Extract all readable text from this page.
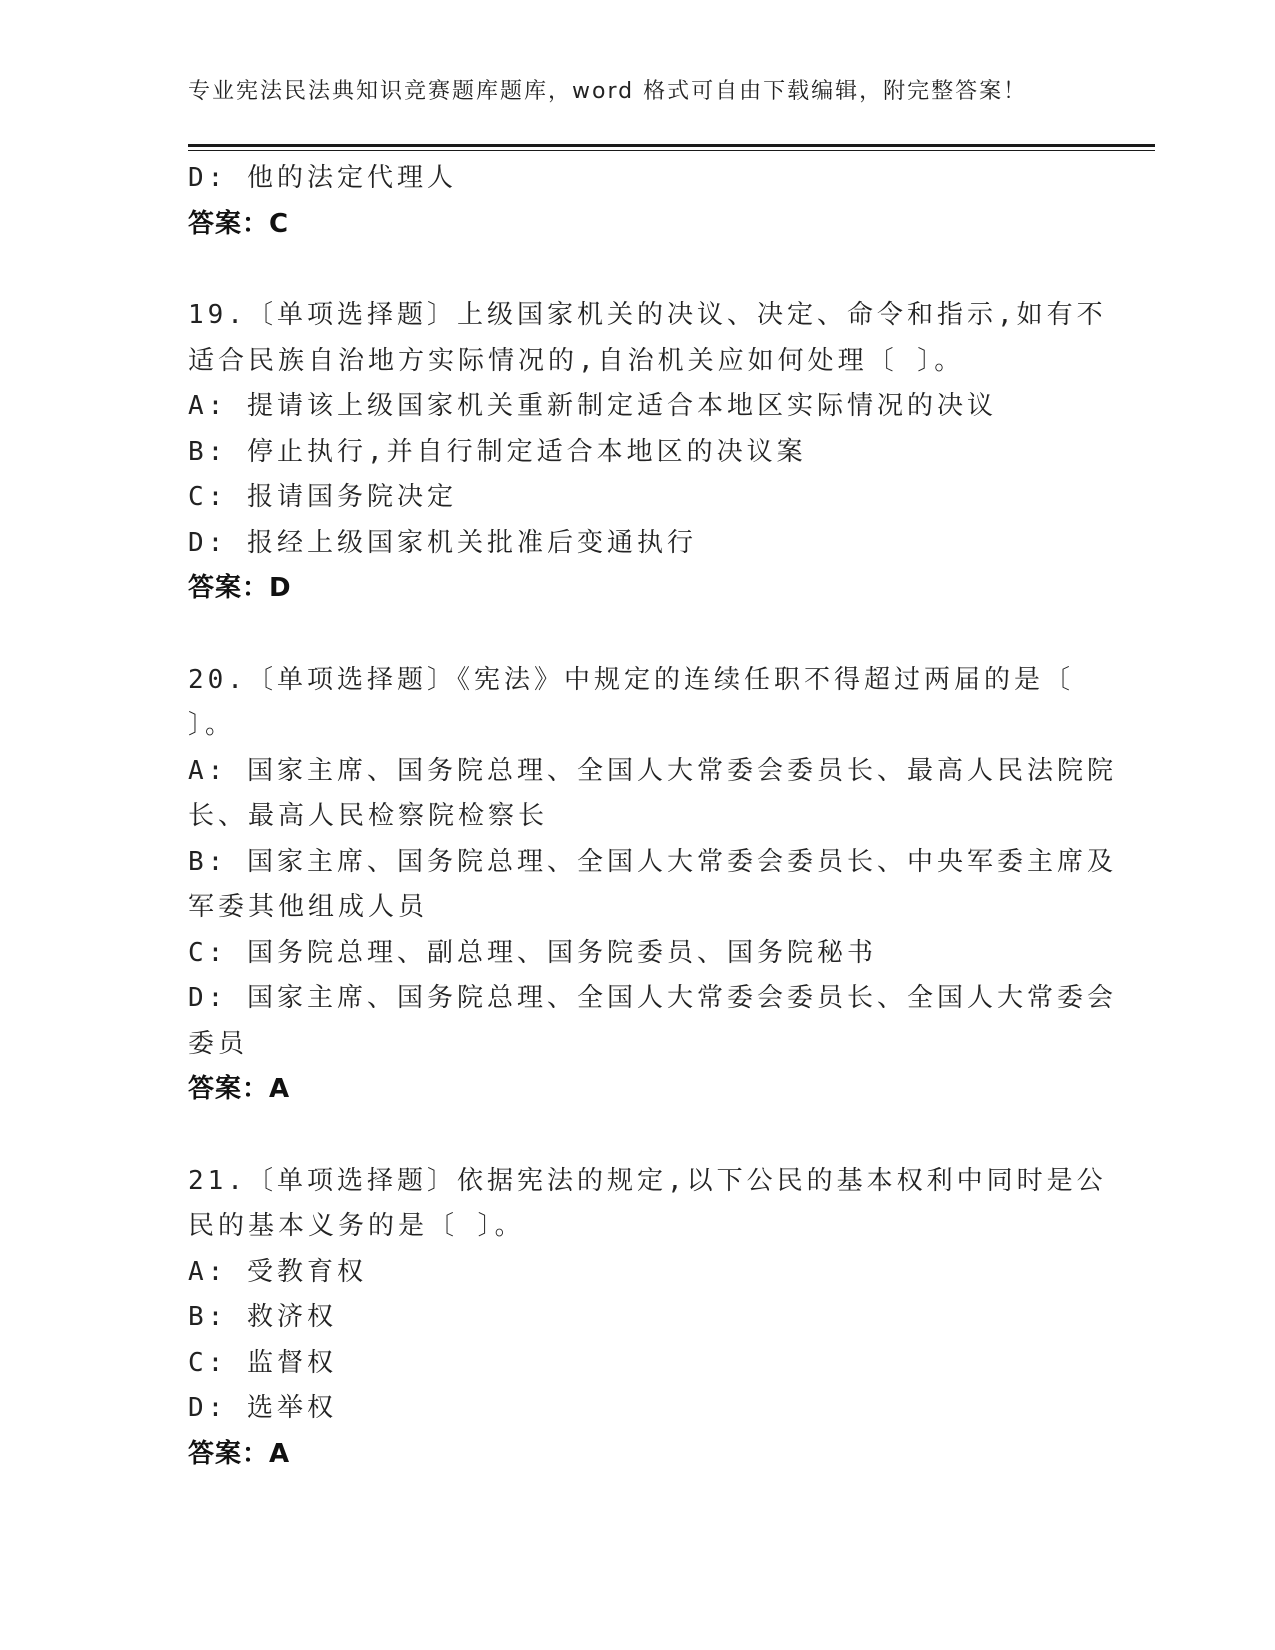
专业宪法民法典知识竞赛题库题库，word 格式可自由下载编辑，附完整答案！
D: 他的法定代理人
答案：C
19.〔单项选择题〕上级国家机关的决议、决定、命令和指示,如有不
适合民族自治地方实际情况的,自治机关应如何处理〔 〕。
A: 提请该上级国家机关重新制定适合本地区实际情况的决议
B: 停止执行,并自行制定适合本地区的决议案
C: 报请国务院决定
D: 报经上级国家机关批准后变通执行
答案：D
20.〔单项选择题〕《宪法》中规定的连续任职不得超过两届的是〔
〕。
A: 国家主席、国务院总理、全国人大常委会委员长、最高人民法院院
长、最高人民检察院检察长
B: 国家主席、国务院总理、全国人大常委会委员长、中央军委主席及
军委其他组成人员
C: 国务院总理、副总理、国务院委员、国务院秘书
D: 国家主席、国务院总理、全国人大常委会委员长、全国人大常委会
委员
答案：A
21.〔单项选择题〕依据宪法的规定,以下公民的基本权利中同时是公
民的基本义务的是〔 〕。
A: 受教育权
B: 救济权
C: 监督权
D: 选举权
答案：A
